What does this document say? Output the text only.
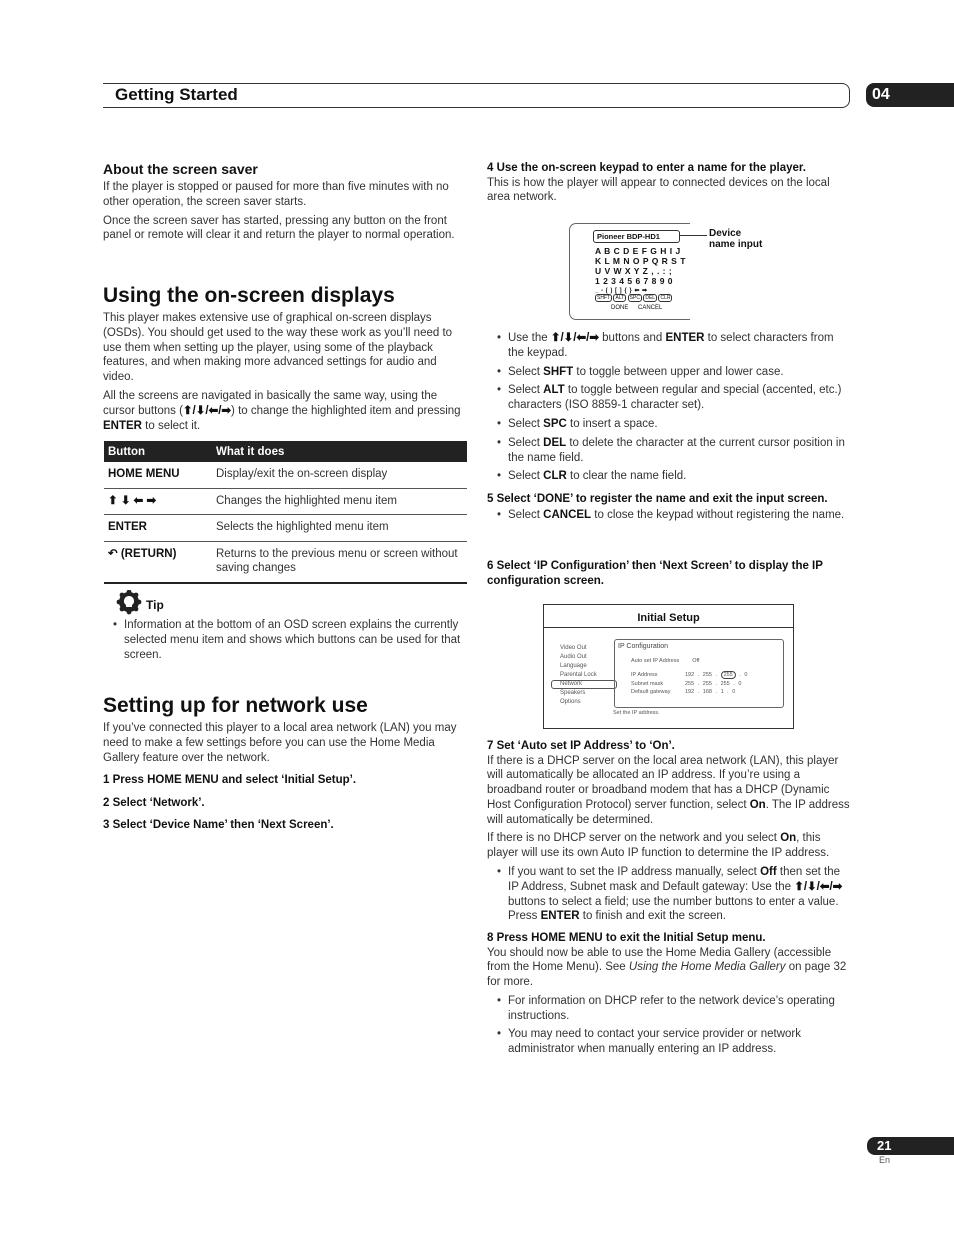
Getting Started	04
About the screen saver
If the player is stopped or paused for more than five minutes with no other operation, the screen saver starts.
Once the screen saver has started, pressing any button on the front panel or remote will clear it and return the player to normal operation.
Using the on-screen displays
This player makes extensive use of graphical on-screen displays (OSDs). You should get used to the way these work as you’ll need to use them when setting up the player, using some of the playback features, and when making more advanced settings for audio and video.
All the screens are navigated in basically the same way, using the cursor buttons (⬆/⬇/⬅/➡) to change the highlighted item and pressing ENTER to select it.
Button	What it does
HOME MENU	Display/exit the on-screen display
⬆ ⬇ ⬅ ➡	Changes the highlighted menu item
ENTER	Selects the highlighted menu item
↶ (RETURN)	Returns to the previous menu or screen without saving changes
Tip
• Information at the bottom of an OSD screen explains the currently selected menu item and shows which buttons can be used for that screen.
Setting up for network use
If you’ve connected this player to a local area network (LAN) you may need to make a few settings before you can use the Home Media Gallery feature over the network.
1 Press HOME MENU and select ‘Initial Setup’.
2 Select ‘Network’.
3 Select ‘Device Name’ then ‘Next Screen’.
4 Use the on-screen keypad to enter a name for the player.
This is how the player will appear to connected devices on the local area network.
Pioneer BDP-HD1	Device
name input
A B C D E F G H I J
K L M N O P Q R S T
U V W X Y Z , . : ;
1 2 3 4 5 6 7 8 9 0
_ - ( ) [ ] { } ⬅ ➡
SHFT ALT SPC DEL CLR
DONE CANCEL
• Use the ⬆/⬇/⬅/➡ buttons and ENTER to select characters from the keypad.
• Select SHFT to toggle between upper and lower case.
• Select ALT to toggle between regular and special (accented, etc.) characters (ISO 8859-1 character set).
• Select SPC to insert a space.
• Select DEL to delete the character at the current cursor position in the name field.
• Select CLR to clear the name field.
5 Select ‘DONE’ to register the name and exit the input screen.
• Select CANCEL to close the keypad without registering the name.
6 Select ‘IP Configuration’ then ‘Next Screen’ to display the IP configuration screen.
Initial Setup
Video Out
Audio Out
Language
Parental Lock
Network
Speakers
Options
IP Configuration
Auto set IP Address Off
IP Address
Subnet mask
Default gateway
192 . 255 . 255 . 0
255 . 255 . 255 . 0
192 . 168 . 1 . 0
Set the IP address.
7 Set ‘Auto set IP Address’ to ‘On’.
If there is a DHCP server on the local area network (LAN), this player will automatically be allocated an IP address. If you’re using a broadband router or broadband modem that has a DHCP (Dynamic Host Configuration Protocol) server function, select On. The IP address will automatically be determined.
If there is no DHCP server on the network and you select On, this player will use its own Auto IP function to determine the IP address.
• If you want to set the IP address manually, select Off then set the IP Address, Subnet mask and Default gateway: Use the ⬆/⬇/⬅/➡ buttons to select a field; use the number buttons to enter a value. Press ENTER to finish and exit the screen.
8 Press HOME MENU to exit the Initial Setup menu.
You should now be able to use the Home Media Gallery (accessible from the Home Menu). See Using the Home Media Gallery on page 32 for more.
• For information on DHCP refer to the network device’s operating instructions.
• You may need to contact your service provider or network administrator when manually entering an IP address.
21
En
